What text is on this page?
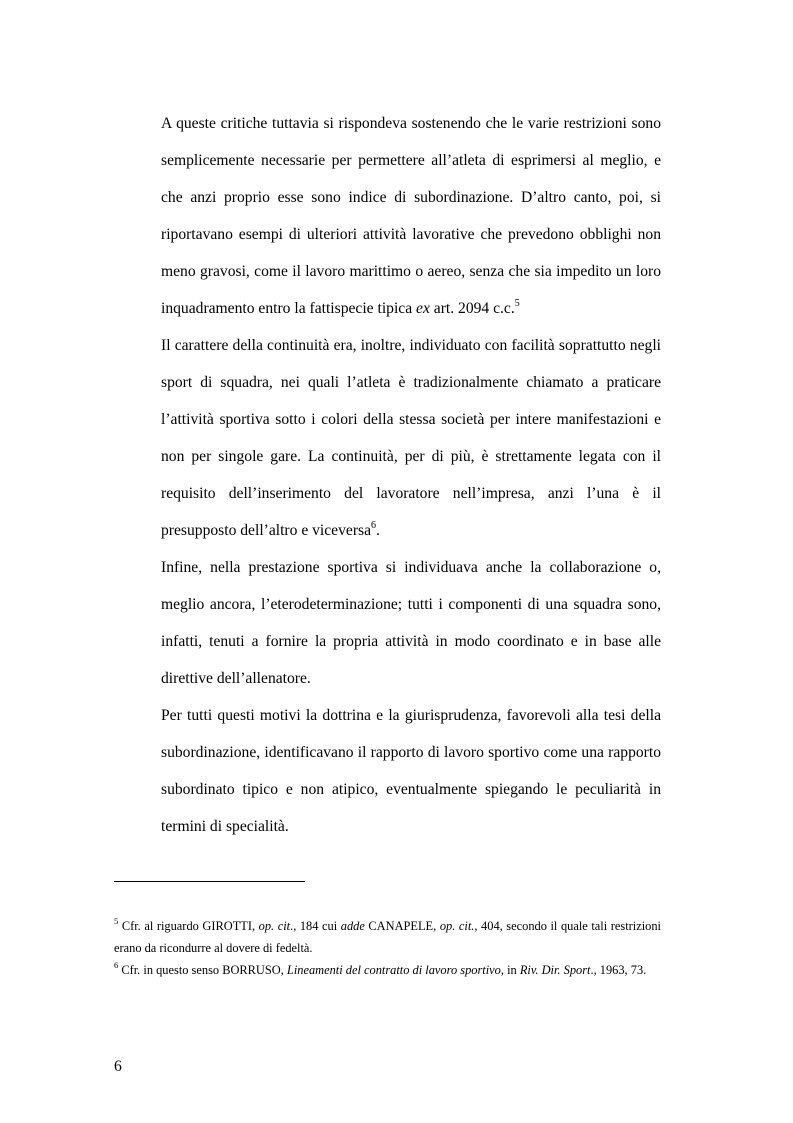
A queste critiche tuttavia si rispondeva sostenendo che le varie restrizioni sono semplicemente necessarie per permettere all’atleta di esprimersi al meglio, e che anzi proprio esse sono indice di subordinazione. D’altro canto, poi, si riportavano esempi di ulteriori attività lavorative che prevedono obblighi non meno gravosi, come il lavoro marittimo o aereo, senza che sia impedito un loro inquadramento entro la fattispecie tipica ex art. 2094 c.c.$^5$

Il carattere della continuità era, inoltre, individuato con facilità soprattutto negli sport di squadra, nei quali l’atleta è tradizionalmente chiamato a praticare l’attività sportiva sotto i colori della stessa società per intere manifestazioni e non per singole gare. La continuità, per di più, è strettamente legata con il requisito dell’inserimento del lavoratore nell’impresa, anzi l’una è il presupposto dell’altro e viceversa$^6$.

Infine, nella prestazione sportiva si individuava anche la collaborazione o, meglio ancora, l’eterodeterminazione; tutti i componenti di una squadra sono, infatti, tenuti a fornire la propria attività in modo coordinato e in base alle direttive dell’allenatore.

Per tutti questi motivi la dottrina e la giurisprudenza, favorevoli alla tesi della subordinazione, identificavano il rapporto di lavoro sportivo come una rapporto subordinato tipico e non atipico, eventualmente spiegando le peculiarità in termini di specialità.

$^5$ Cfr. al riguardo GIROTTI, op. cit., 184 cui adde CANAPELE, op. cit., 404, secondo il quale tali restrizioni erano da ricondurre al dovere di fedeltà.

$^6$ Cfr. in questo senso BORRUSO, Lineamenti del contratto di lavoro sportivo, in Riv. Dir. Sport., 1963, 73.

6
